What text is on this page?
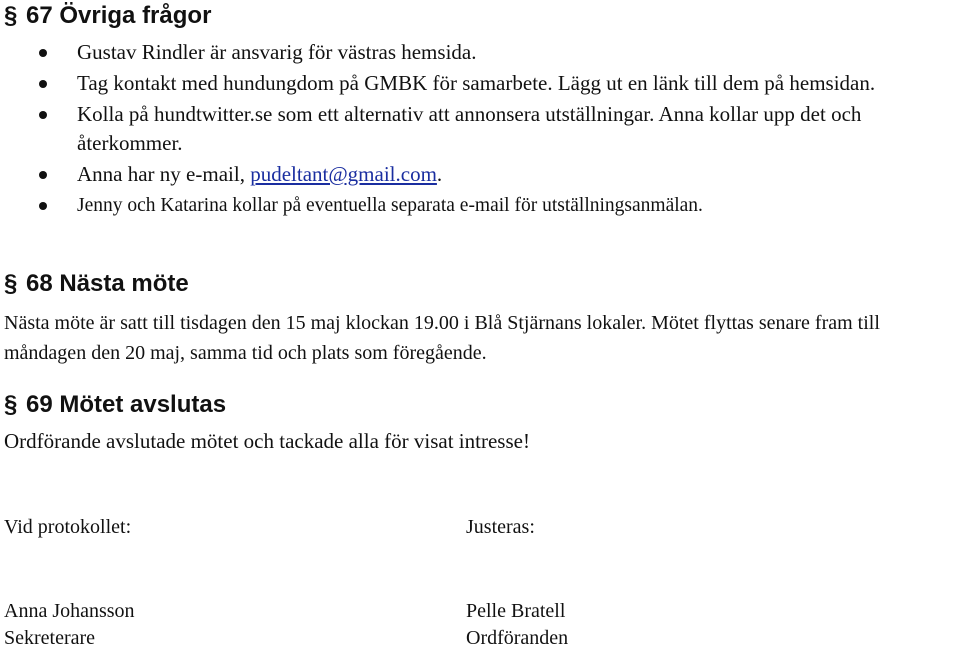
§ 67 Övriga frågor
Gustav Rindler är ansvarig för västras hemsida.
Tag kontakt med hundungdom på GMBK för samarbete. Lägg ut en länk till dem på hemsidan.
Kolla på hundtwitter.se som ett alternativ att annonsera utställningar. Anna kollar upp det och återkommer.
Anna har ny e-mail, pudeltant@gmail.com.
Jenny och Katarina kollar på eventuella separata e-mail för utställningsanmälan.
§ 68 Nästa möte

Nästa möte är satt till tisdagen den 15 maj klockan 19.00 i Blå Stjärnans lokaler. Mötet flyttas senare fram till måndagen den 20 maj, samma tid och plats som föregående.

§ 69 Mötet avslutas

Ordförande avslutade mötet och tackade alla för visat intresse!

Vid protokollet:	Justeras:
Anna Johansson
Sekreterare
Pelle Bratell
Ordföranden
